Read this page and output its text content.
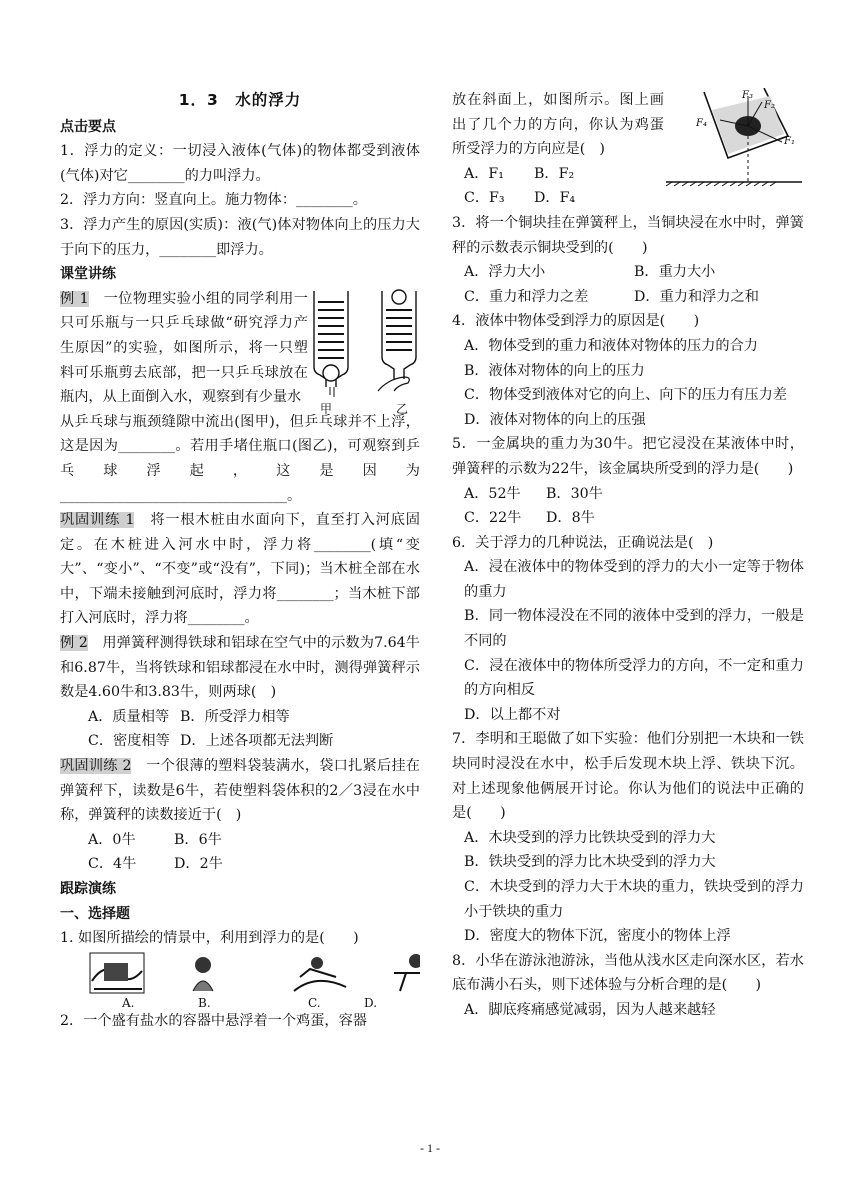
1．3　水的浮力
点击要点
1．浮力的定义：一切浸入液体(气体)的物体都受到液体(气体)对它________的力叫浮力。
2．浮力方向：竖直向上。施力物体：________。
3．浮力产生的原因(实质)：液(气)体对物体向上的压力大于向下的压力，________即浮力。
课堂讲练
甲	乙
例 1　一位物理实验小组的同学利用一只可乐瓶与一只乒乓球做“研究浮力产生原因”的实验，如图所示，将一只塑料可乐瓶剪去底部，把一只乒乓球放在瓶内，从上面倒入水，观察到有少量水
从乒乓球与瓶颈缝隙中流出(图甲)，但乒乓球并不上浮，这是因为________。若用手堵住瓶口(图乙)，可观察到乒乓球浮起，这是因为________________________________。
巩固训练 1　将一根木桩由水面向下，直至打入河底固定。在木桩进入河水中时，浮力将________(填“变大”、“变小”、“不变”或“没有”，下同)；当木桩全部在水中，下端未接触到河底时，浮力将________；当木桩下部打入河底时，浮力将________。
例 2　用弹簧秤测得铁球和铝球在空气中的示数为7.64牛和6.87牛，当将铁球和铝球都浸在水中时，测得弹簧秤示数是4.60牛和3.83牛，则两球(　)
A．质量相等 B．所受浮力相等
C．密度相等 D．上述各项都无法判断
巩固训练 2　一个很薄的塑料袋装满水，袋口扎紧后挂在弹簧秤下，读数是6牛，若使塑料袋体积的2／3浸在水中称，弹簧秤的读数接近于(　)
A．0牛	B．6牛
C．4牛	D．2牛
跟踪演练
一、选择题
1. 如图所描绘的情景中，利用到浮力的是(　　)
A.	B.	C.	D.
2．一个盛有盐水的容器中悬浮着一个鸡蛋，容器
F₃
F₂
F₄
F₁
放在斜面上，如图所示。图上画出了几个力的方向，你认为鸡蛋所受浮力的方向应是(　)
A．F₁ B．F₂
C．F₃ D．F₄
3．将一个铜块挂在弹簧秤上，当铜块浸在水中时，弹簧秤的示数表示铜块受到的(　　)
A．浮力大小	B．重力大小
C．重力和浮力之差	D．重力和浮力之和
4．液体中物体受到浮力的原因是(　　)
A．物体受到的重力和液体对物体的压力的合力
B．液体对物体的向上的压力
C．物体受到液体对它的向上、向下的压力有压力差
D．液体对物体的向上的压强
5．一金属块的重力为30牛。把它浸没在某液体中时，弹簧秤的示数为22牛，该金属块所受到的浮力是(　　)
A．52牛 B．30牛
C．22牛 D．8牛
6．关于浮力的几种说法，正确说法是(　)
A．浸在液体中的物体受到的浮力的大小一定等于物体的重力
B．同一物体浸没在不同的液体中受到的浮力，一般是不同的
C．浸在液体中的物体所受浮力的方向，不一定和重力的方向相反
D．以上都不对
7．李明和王聪做了如下实验：他们分别把一木块和一铁块同时浸没在水中，松手后发现木块上浮、铁块下沉。对上述现象他俩展开讨论。你认为他们的说法中正确的是(　　)
A．木块受到的浮力比铁块受到的浮力大
B．铁块受到的浮力比木块受到的浮力大
C．木块受到的浮力大于木块的重力，铁块受到的浮力小于铁块的重力
D．密度大的物体下沉，密度小的物体上浮
8．小华在游泳池游泳，当他从浅水区走向深水区，若水底布满小石头，则下述体验与分析合理的是(　　)
A．脚底疼痛感觉减弱，因为人越来越轻
- 1 -
